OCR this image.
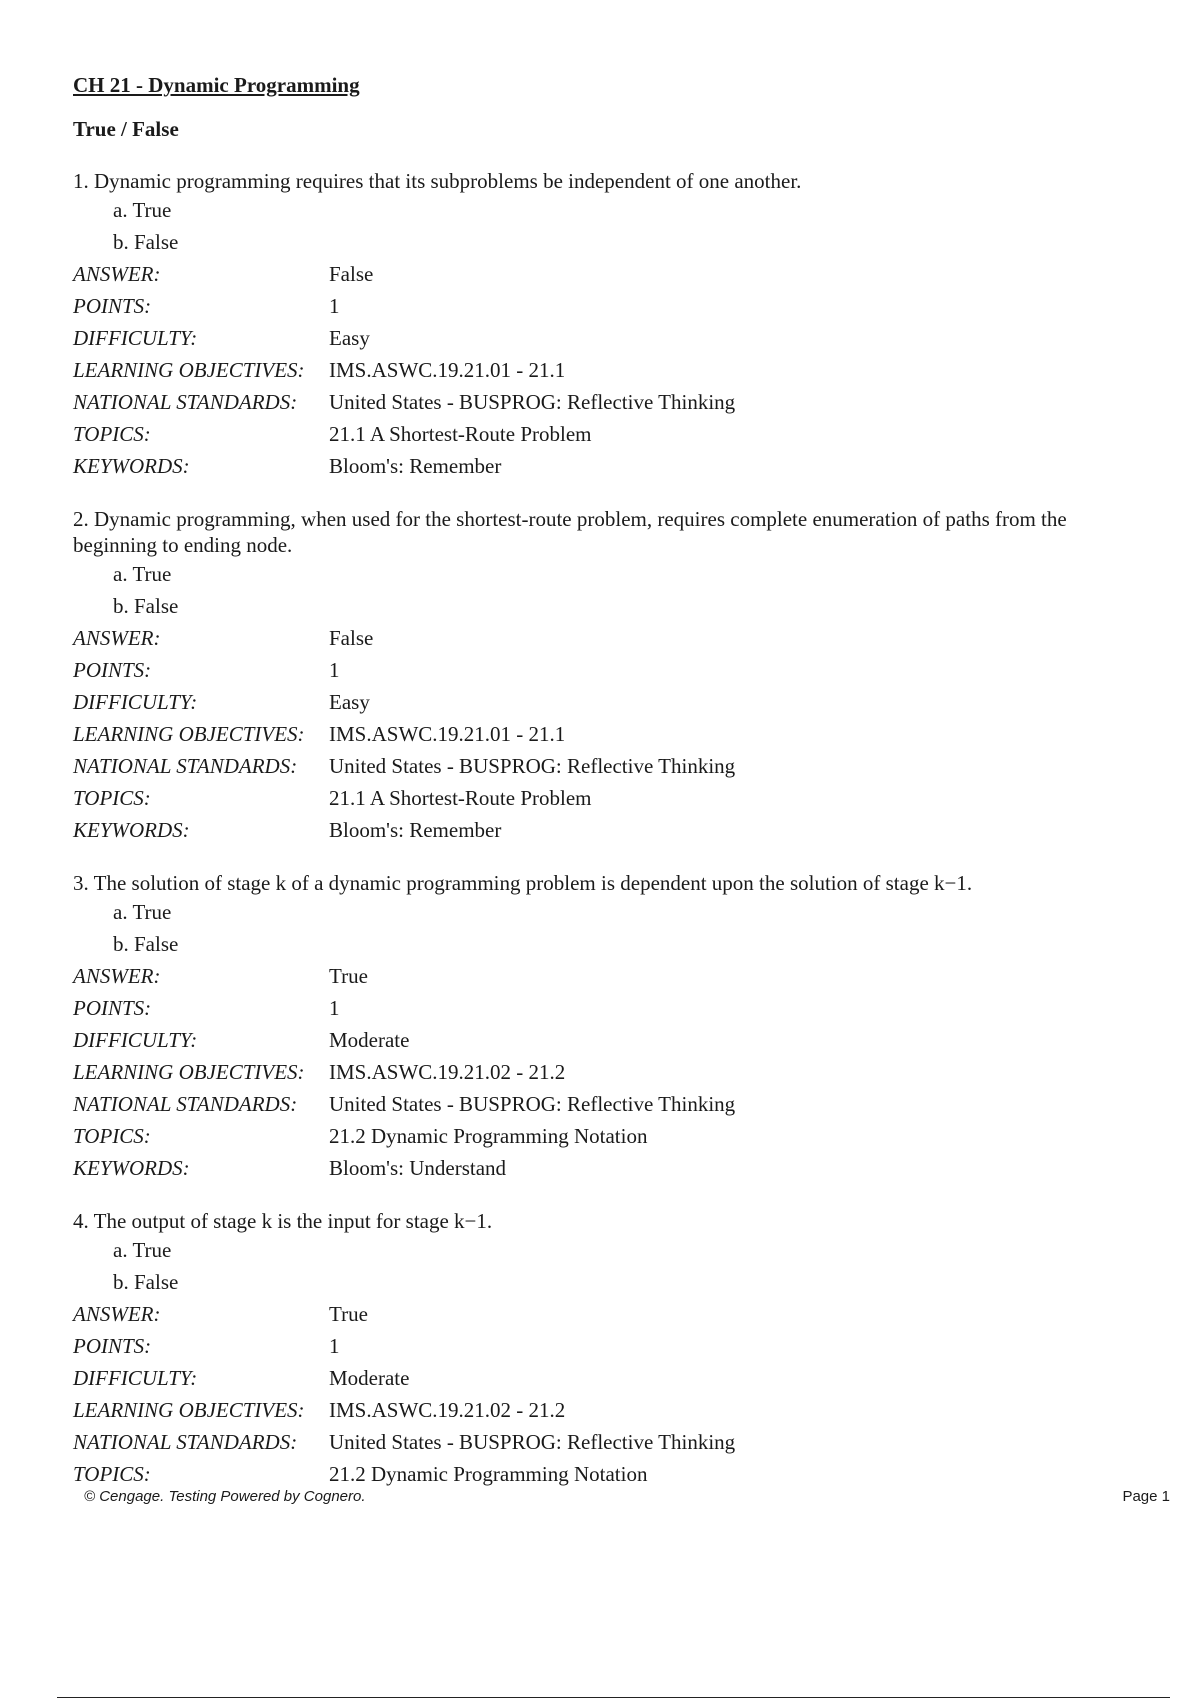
CH 21 - Dynamic Programming
True / False

1. Dynamic programming requires that its subproblems be independent of one another.

a. True

b. False

ANSWER:	False
POINTS:	1
DIFFICULTY:	Easy
LEARNING OBJECTIVES:	IMS.ASWC.19.21.01 - 21.1
NATIONAL STANDARDS:	United States - BUSPROG: Reflective Thinking
TOPICS:	21.1 A Shortest-Route Problem
KEYWORDS:	Bloom's: Remember

2. Dynamic programming, when used for the shortest-route problem, requires complete enumeration of paths from the beginning to ending node.

a. True

b. False

ANSWER:	False
POINTS:	1
DIFFICULTY:	Easy
LEARNING OBJECTIVES:	IMS.ASWC.19.21.01 - 21.1
NATIONAL STANDARDS:	United States - BUSPROG: Reflective Thinking
TOPICS:	21.1 A Shortest-Route Problem
KEYWORDS:	Bloom's: Remember

3. The solution of stage k of a dynamic programming problem is dependent upon the solution of stage k−1.

a. True

b. False

ANSWER:	True
POINTS:	1
DIFFICULTY:	Moderate
LEARNING OBJECTIVES:	IMS.ASWC.19.21.02 - 21.2
NATIONAL STANDARDS:	United States - BUSPROG: Reflective Thinking
TOPICS:	21.2 Dynamic Programming Notation
KEYWORDS:	Bloom's: Understand

4. The output of stage k is the input for stage k−1.

a. True

b. False

ANSWER:	True
POINTS:	1
DIFFICULTY:	Moderate
LEARNING OBJECTIVES:	IMS.ASWC.19.21.02 - 21.2
NATIONAL STANDARDS:	United States - BUSPROG: Reflective Thinking
TOPICS:	21.2 Dynamic Programming Notation
© Cengage. Testing Powered by Cognero.	Page 1
